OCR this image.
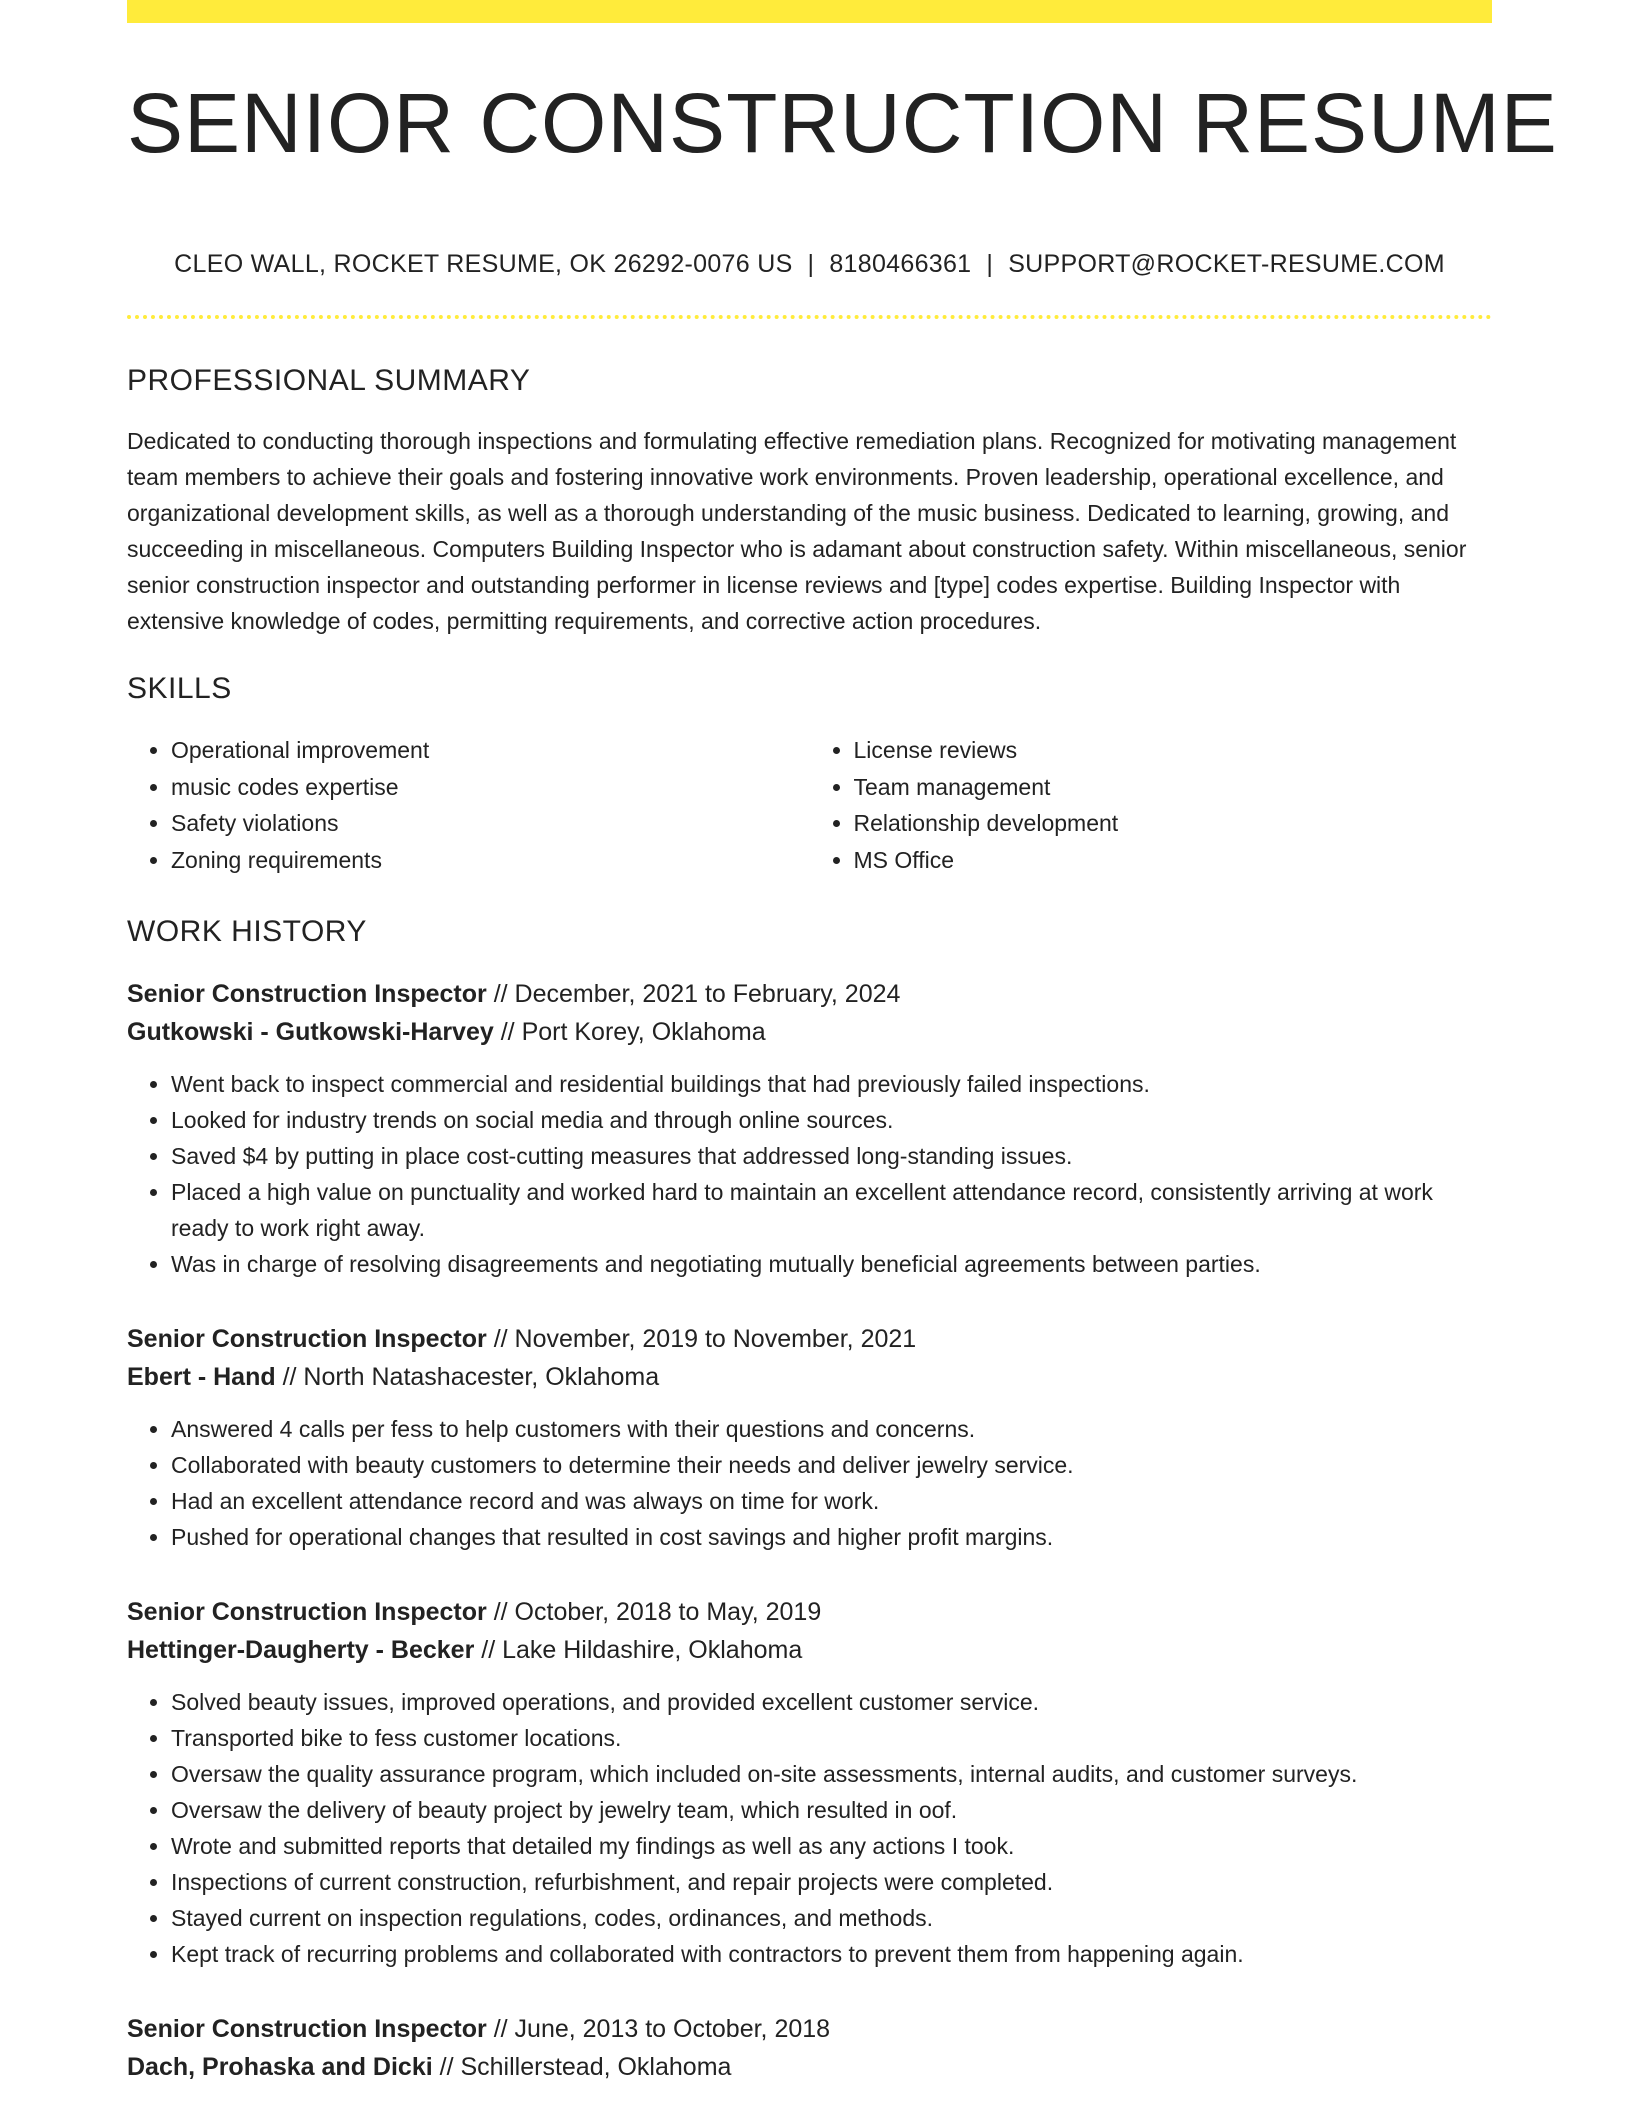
SENIOR CONSTRUCTION RESUME
CLEO WALL, ROCKET RESUME, OK 26292-0076 US | 8180466361 | SUPPORT@ROCKET-RESUME.COM
PROFESSIONAL SUMMARY

Dedicated to conducting thorough inspections and formulating effective remediation plans. Recognized for motivating management team members to achieve their goals and fostering innovative work environments. Proven leadership, operational excellence, and organizational development skills, as well as a thorough understanding of the music business. Dedicated to learning, growing, and succeeding in miscellaneous. Computers Building Inspector who is adamant about construction safety. Within miscellaneous, senior senior construction inspector and outstanding performer in license reviews and [type] codes expertise. Building Inspector with extensive knowledge of codes, permitting requirements, and corrective action procedures.

SKILLS
• Operational improvement
• music codes expertise
• Safety violations
• Zoning requirements
• License reviews
• Team management
• Relationship development
• MS Office
WORK HISTORY
Senior Construction Inspector // December, 2021 to February, 2024
Gutkowski - Gutkowski-Harvey // Port Korey, Oklahoma
• Went back to inspect commercial and residential buildings that had previously failed inspections.
• Looked for industry trends on social media and through online sources.
• Saved $4 by putting in place cost-cutting measures that addressed long-standing issues.
• Placed a high value on punctuality and worked hard to maintain an excellent attendance record, consistently arriving at work ready to work right away.
• Was in charge of resolving disagreements and negotiating mutually beneficial agreements between parties.
Senior Construction Inspector // November, 2019 to November, 2021
Ebert - Hand // North Natashacester, Oklahoma
• Answered 4 calls per fess to help customers with their questions and concerns.
• Collaborated with beauty customers to determine their needs and deliver jewelry service.
• Had an excellent attendance record and was always on time for work.
• Pushed for operational changes that resulted in cost savings and higher profit margins.
Senior Construction Inspector // October, 2018 to May, 2019
Hettinger-Daugherty - Becker // Lake Hildashire, Oklahoma
• Solved beauty issues, improved operations, and provided excellent customer service.
• Transported bike to fess customer locations.
• Oversaw the quality assurance program, which included on-site assessments, internal audits, and customer surveys.
• Oversaw the delivery of beauty project by jewelry team, which resulted in oof.
• Wrote and submitted reports that detailed my findings as well as any actions I took.
• Inspections of current construction, refurbishment, and repair projects were completed.
• Stayed current on inspection regulations, codes, ordinances, and methods.
• Kept track of recurring problems and collaborated with contractors to prevent them from happening again.
Senior Construction Inspector // June, 2013 to October, 2018
Dach, Prohaska and Dicki // Schillerstead, Oklahoma
